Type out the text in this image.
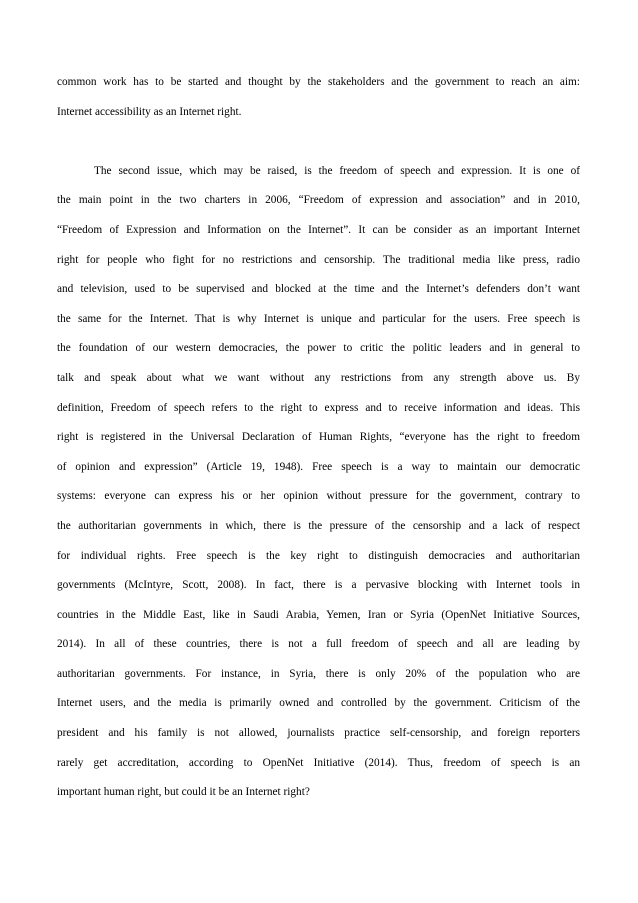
common work has to be started and thought by the stakeholders and the government to reach an aim:
Internet accessibility as an Internet right.
The second issue, which may be raised, is the freedom of speech and expression. It is one of
the main point in the two charters in 2006, “Freedom of expression and association” and in 2010,
“Freedom of Expression and Information on the Internet”. It can be consider as an important Internet
right for people who fight for no restrictions and censorship. The traditional media like press, radio
and television, used to be supervised and blocked at the time and the Internet’s defenders don’t want
the same for the Internet. That is why Internet is unique and particular for the users. Free speech is
the foundation of our western democracies, the power to critic the politic leaders and in general to
talk and speak about what we want without any restrictions from any strength above us. By
definition, Freedom of speech refers to the right to express and to receive information and ideas. This
right is registered in the Universal Declaration of Human Rights, “everyone has the right to freedom
of opinion and expression” (Article 19, 1948). Free speech is a way to maintain our democratic
systems: everyone can express his or her opinion without pressure for the government, contrary to
the authoritarian governments in which, there is the pressure of the censorship and a lack of respect
for individual rights. Free speech is the key right to distinguish democracies and authoritarian
governments (McIntyre, Scott, 2008). In fact, there is a pervasive blocking with Internet tools in
countries in the Middle East, like in Saudi Arabia, Yemen, Iran or Syria (OpenNet Initiative Sources,
2014). In all of these countries, there is not a full freedom of speech and all are leading by
authoritarian governments. For instance, in Syria, there is only 20% of the population who are
Internet users, and the media is primarily owned and controlled by the government. Criticism of the
president and his family is not allowed, journalists practice self-censorship, and foreign reporters
rarely get accreditation, according to OpenNet Initiative (2014). Thus, freedom of speech is an
important human right, but could it be an Internet right?
